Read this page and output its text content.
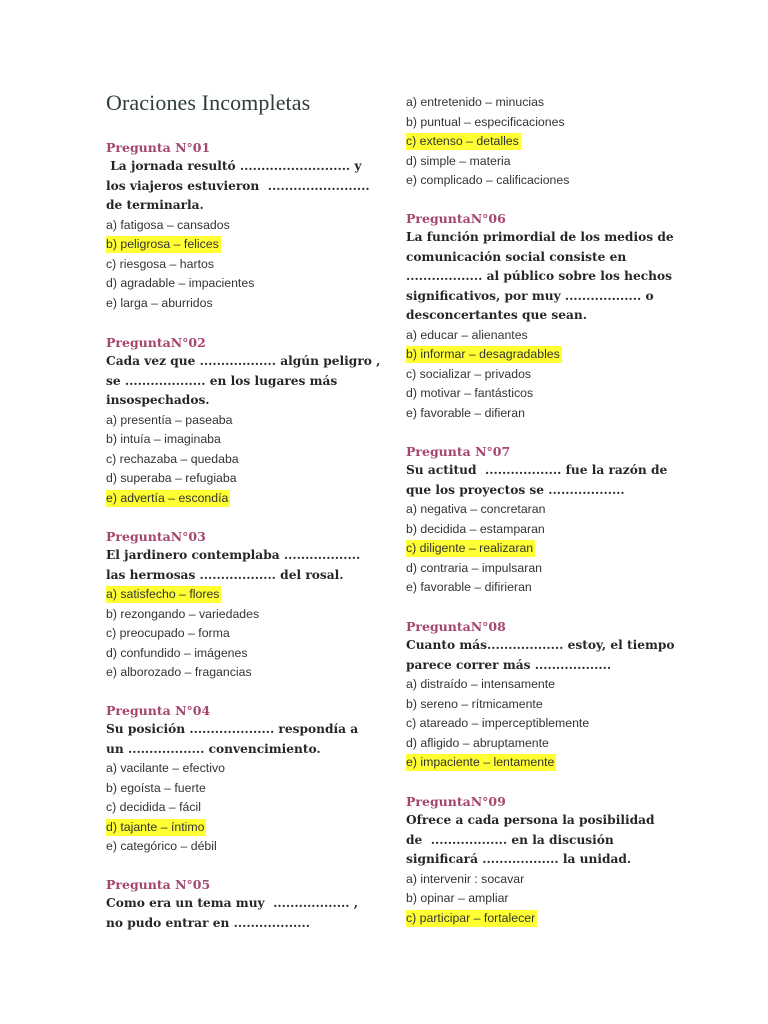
Oraciones Incompletas
Pregunta N°01
La jornada resultó .......................... y
los viajeros estuvieron  ........................
de terminarla.
a) fatigosa – cansados
b) peligrosa – felices
c) riesgosa – hartos
d) agradable – impacientes
e) larga – aburridos
PreguntaN°02
Cada vez que .................. algún peligro ,
se ................... en los lugares más
insospechados.
a) presentía – paseaba
b) intuía – imaginaba
c) rechazaba – quedaba
d) superaba – refugiaba
e) advertía – escondía
PreguntaN°03
El jardinero contemplaba ..................
las hermosas .................. del rosal.
a) satisfecho – flores
b) rezongando – variedades
c) preocupado – forma
d) confundido – imágenes
e) alborozado – fragancias
Pregunta N°04
Su posición .................... respondía a
un .................. convencimiento.
a) vacilante – efectivo
b) egoísta – fuerte
c) decidida – fácil
d) tajante – íntimo
e) categórico – débil
Pregunta N°05
Como era un tema muy  .................. ,
no pudo entrar en ..................
a) entretenido – minucias
b) puntual – especificaciones
c) extenso – detalles
d) simple – materia
e) complicado – calificaciones
PreguntaN°06
La función primordial de los medios de
comunicación social consiste en
.................. al público sobre los hechos
significativos, por muy .................. o
desconcertantes que sean.
a) educar – alienantes
b) informar – desagradables
c) socializar – privados
d) motivar – fantásticos
e) favorable – difieran
Pregunta N°07
Su actitud  .................. fue la razón de
que los proyectos se ..................
a) negativa – concretaran
b) decidida – estamparan
c) diligente – realizaran
d) contraria – impulsaran
e) favorable – difirieran
PreguntaN°08
Cuanto más.................. estoy, el tiempo
parece correr más ..................
a) distraído – intensamente
b) sereno – rítmicamente
c) atareado – imperceptiblemente
d) afligido – abruptamente
e) impaciente – lentamente
PreguntaN°09
Ofrece a cada persona la posibilidad
de  .................. en la discusión
significará .................. la unidad.
a) intervenir : socavar
b) opinar – ampliar
c) participar – fortalecer
